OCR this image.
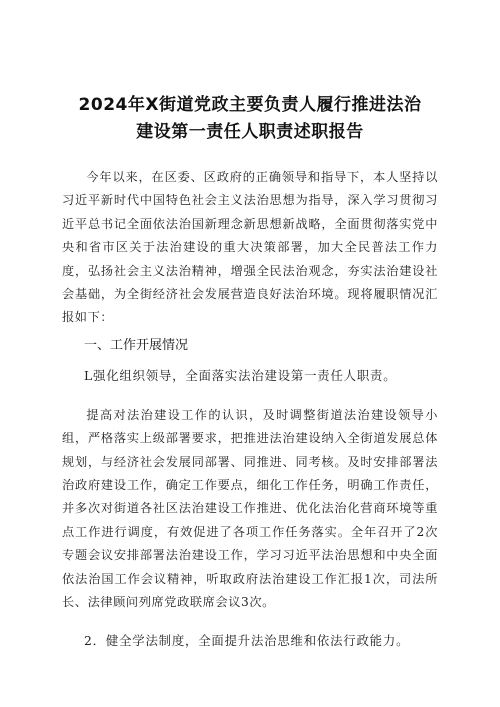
2024年X街道党政主要负责人履行推进法治
建设第一责任人职责述职报告

今年以来，在区委、区政府的正确领导和指导下，本人坚持以习近平新时代中国特色社会主义法治思想为指导，深入学习贯彻习近平总书记全面依法治国新理念新思想新战略，全面贯彻落实党中央和省市区关于法治建设的重大决策部署，加大全民普法工作力度，弘扬社会主义法治精神，增强全民法治观念，夯实法治建设社会基础，为全街经济社会发展营造良好法治环境。现将履职情况汇报如下：

一、工作开展情况

L强化组织领导，全面落实法治建设第一责任人职责。

提高对法治建设工作的认识，及时调整街道法治建设领导小组，严格落实上级部署要求，把推进法治建设纳入全街道发展总体规划，与经济社会发展同部署、同推进、同考核。及时安排部署法治政府建设工作，确定工作要点，细化工作任务，明确工作责任，并多次对街道各社区法治建设工作推进、优化法治化营商环境等重点工作进行调度，有效促进了各项工作任务落实。全年召开了2次专题会议安排部署法治建设工作，学习习近平法治思想和中央全面依法治国工作会议精神，听取政府法治建设工作汇报1次，司法所长、法律顾问列席党政联席会议3次。

2．健全学法制度，全面提升法治思维和依法行政能力。
